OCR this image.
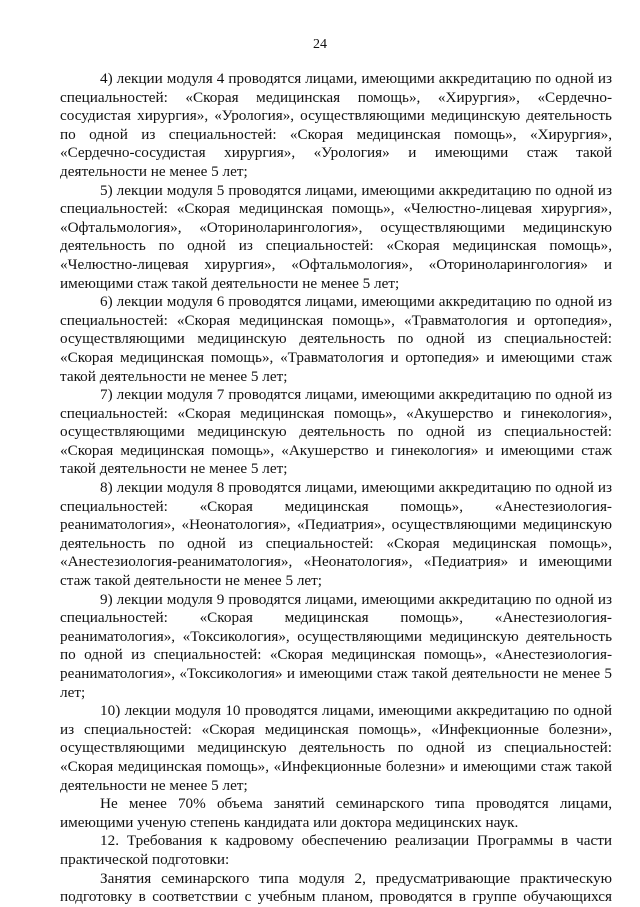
24

4) лекции модуля 4 проводятся лицами, имеющими аккредитацию по одной из специальностей: «Скорая медицинская помощь», «Хирургия», «Сердечно-сосудистая хирургия», «Урология», осуществляющими медицинскую деятельность по одной из специальностей: «Скорая медицинская помощь», «Хирургия», «Сердечно-сосудистая хирургия», «Урология» и имеющими стаж такой деятельности не менее 5 лет;

5) лекции модуля 5 проводятся лицами, имеющими аккредитацию по одной из специальностей: «Скорая медицинская помощь», «Челюстно-лицевая хирургия», «Офтальмология», «Оториноларингология», осуществляющими медицинскую деятельность по одной из специальностей: «Скорая медицинская помощь», «Челюстно-лицевая хирургия», «Офтальмология», «Оториноларингология» и имеющими стаж такой деятельности не менее 5 лет;

6) лекции модуля 6 проводятся лицами, имеющими аккредитацию по одной из специальностей: «Скорая медицинская помощь», «Травматология и ортопедия», осуществляющими медицинскую деятельность по одной из специальностей: «Скорая медицинская помощь», «Травматология и ортопедия» и имеющими стаж такой деятельности не менее 5 лет;

7) лекции модуля 7 проводятся лицами, имеющими аккредитацию по одной из специальностей: «Скорая медицинская помощь», «Акушерство и гинекология», осуществляющими медицинскую деятельность по одной из специальностей: «Скорая медицинская помощь», «Акушерство и гинекология» и имеющими стаж такой деятельности не менее 5 лет;

8) лекции модуля 8 проводятся лицами, имеющими аккредитацию по одной из специальностей: «Скорая медицинская помощь», «Анестезиология-реаниматология», «Неонатология», «Педиатрия», осуществляющими медицинскую деятельность по одной из специальностей: «Скорая медицинская помощь», «Анестезиология-реаниматология», «Неонатология», «Педиатрия» и имеющими стаж такой деятельности не менее 5 лет;

9) лекции модуля 9 проводятся лицами, имеющими аккредитацию по одной из специальностей: «Скорая медицинская помощь», «Анестезиология-реаниматология», «Токсикология», осуществляющими медицинскую деятельность по одной из специальностей: «Скорая медицинская помощь», «Анестезиология-реаниматология», «Токсикология» и имеющими стаж такой деятельности не менее 5 лет;

10) лекции модуля 10 проводятся лицами, имеющими аккредитацию по одной из специальностей: «Скорая медицинская помощь», «Инфекционные болезни», осуществляющими медицинскую деятельность по одной из специальностей: «Скорая медицинская помощь», «Инфекционные болезни» и имеющими стаж такой деятельности не менее 5 лет;

Не менее 70% объема занятий семинарского типа проводятся лицами, имеющими ученую степень кандидата или доктора медицинских наук.

12. Требования к кадровому обеспечению реализации Программы в части практической подготовки:

Занятия семинарского типа модуля 2, предусматривающие практическую подготовку в соответствии с учебным планом, проводятся в группе обучающихся
